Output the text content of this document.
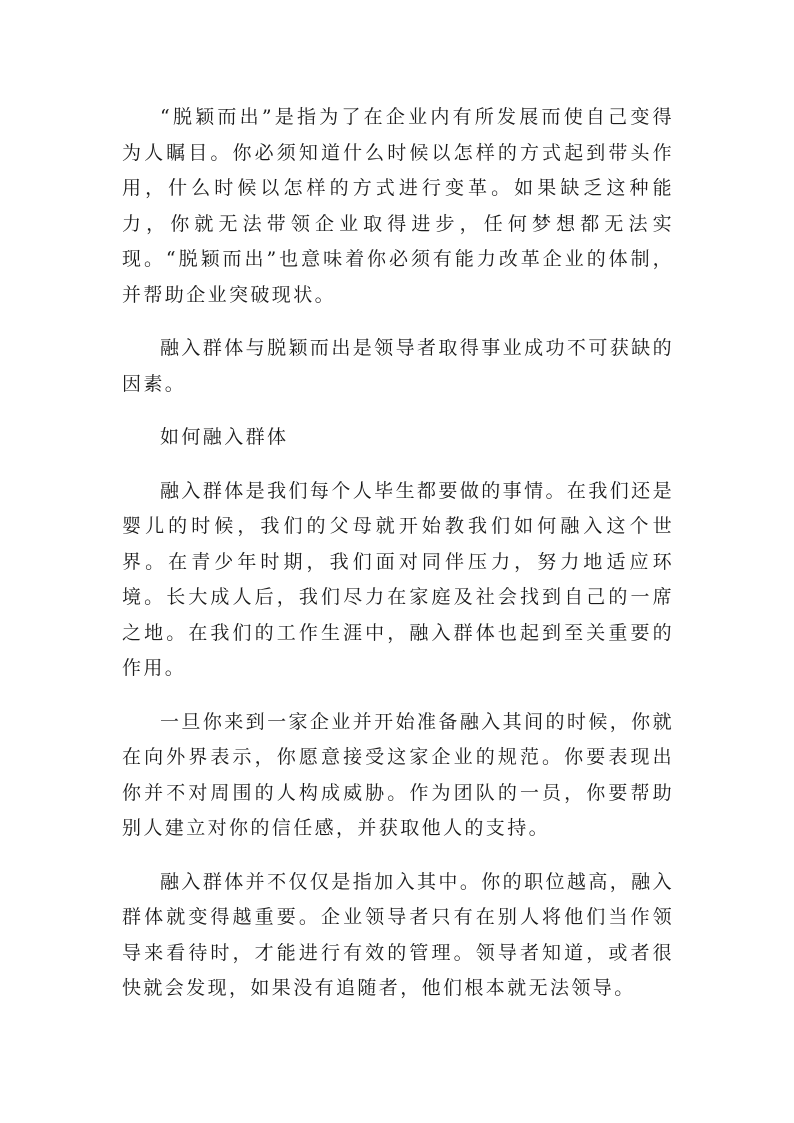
“脱颖而出”是指为了在企业内有所发展而使自己变得为人瞩目。你必须知道什么时候以怎样的方式起到带头作用，什么时候以怎样的方式进行变革。如果缺乏这种能力，你就无法带领企业取得进步，任何梦想都无法实现。“脱颖而出”也意味着你必须有能力改革企业的体制，并帮助企业突破现状。

融入群体与脱颖而出是领导者取得事业成功不可获缺的因素。

如何融入群体

融入群体是我们每个人毕生都要做的事情。在我们还是婴儿的时候，我们的父母就开始教我们如何融入这个世界。在青少年时期，我们面对同伴压力，努力地适应环境。长大成人后，我们尽力在家庭及社会找到自己的一席之地。在我们的工作生涯中，融入群体也起到至关重要的作用。

一旦你来到一家企业并开始准备融入其间的时候，你就在向外界表示，你愿意接受这家企业的规范。你要表现出你并不对周围的人构成威胁。作为团队的一员，你要帮助别人建立对你的信任感，并获取他人的支持。

融入群体并不仅仅是指加入其中。你的职位越高，融入群体就变得越重要。企业领导者只有在别人将他们当作领导来看待时，才能进行有效的管理。领导者知道，或者很快就会发现，如果没有追随者，他们根本就无法领导。
